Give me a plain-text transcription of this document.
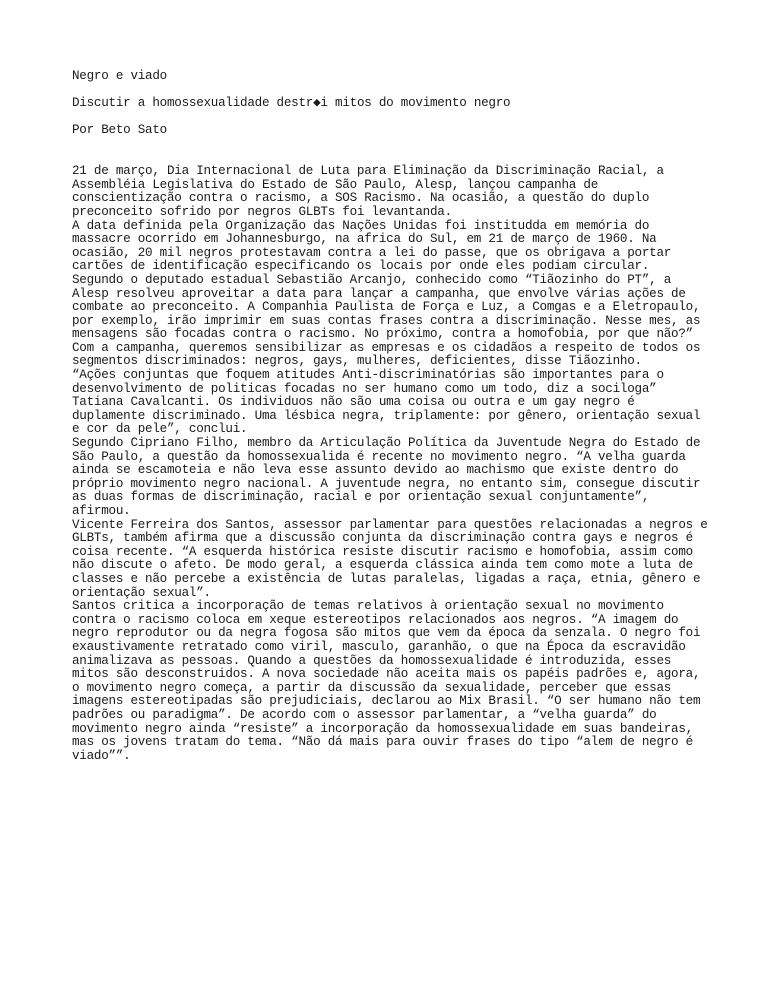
Negro e viado

Discutir a homossexualidade destr◆i mitos do movimento negro

Por Beto Sato

21 de março, Dia Internacional de Luta para Eliminação da Discriminação Racial, a Assembléia Legislativa do Estado de São Paulo, Alesp, lançou campanha de conscientização contra o racismo, a SOS Racismo. Na ocasião, a questão do duplo preconceito sofrido por negros GLBTs foi levantanda.

A data definida pela Organização das Nações Unidas foi institudda em memória do massacre ocorrido em Johannesburgo, na africa do Sul, em 21 de março de 1960. Na ocasião, 20 mil negros protestavam contra a lei do passe, que os obrigava a portar cartões de identificação especificando os locais por onde eles podiam circular.

Segundo o deputado estadual Sebastião Arcanjo, conhecido como “Tiãozinho do PT”, a Alesp resolveu aproveitar a data para lançar a campanha, que envolve várias ações de combate ao preconceito. A Companhia Paulista de Força e Luz, a Comgas e a Eletropaulo, por exemplo, irão imprimir em suas contas frases contra a discriminação. Nesse mes, as mensagens são focadas contra o racismo. No próximo, contra a homofobia, por que não?” Com a campanha, queremos sensibilizar as empresas e os cidadãos a respeito de todos os segmentos discriminados: negros, gays, mulheres, deficientes, disse Tiãozinho.

“Ações conjuntas que foquem atitudes Anti-discriminatórias são importantes para o desenvolvimento de politicas focadas no ser humano como um todo, diz a sociloga” Tatiana Cavalcanti. Os individuos não são uma coisa ou outra e um gay negro é duplamente discriminado. Uma lésbica negra, triplamente: por gênero, orientação sexual e cor da pele”, conclui.

Segundo Cipriano Filho, membro da Articulação Política da Juventude Negra do Estado de São Paulo, a questão da homossexualida é recente no movimento negro. “A velha guarda ainda se escamoteia e não leva esse assunto devido ao machismo que existe dentro do próprio movimento negro nacional. A juventude negra, no entanto sim, consegue discutir as duas formas de discriminação, racial e por orientação sexual conjuntamente”, afirmou.

Vicente Ferreira dos Santos, assessor parlamentar para questões relacionadas a negros e GLBTs, também afirma que a discussão conjunta da discriminação contra gays e negros é coisa recente. “A esquerda histórica resiste discutir racismo e homofobia, assim como não discute o afeto. De modo geral, a esquerda clássica ainda tem como mote a luta de classes e não percebe a existência de lutas paralelas, ligadas a raça, etnia, gênero e orientação sexual”.

Santos critica a incorporação de temas relativos à orientação sexual no movimento contra o racismo coloca em xeque estereotipos relacionados aos negros. “A imagem do negro reprodutor ou da negra fogosa são mitos que vem da época da senzala. O negro foi exaustivamente retratado como viril, masculo, garanhão, o que na Época da escravidão animalizava as pessoas. Quando a questões da homossexualidade é introduzida, esses mitos são desconstruidos. A nova sociedade não aceita mais os papéis padrões e, agora, o movimento negro começa, a partir da discussão da sexualidade, perceber que essas imagens estereotipadas são prejudiciais, declarou ao Mix Brasil. “O ser humano não tem padrões ou paradigma”. De acordo com o assessor parlamentar, a “velha guarda” do movimento negro ainda “resiste” a incorporação da homossexualidade em suas bandeiras, mas os jovens tratam do tema. “Não dá mais para ouvir frases do tipo “alem de negro é viado””.
